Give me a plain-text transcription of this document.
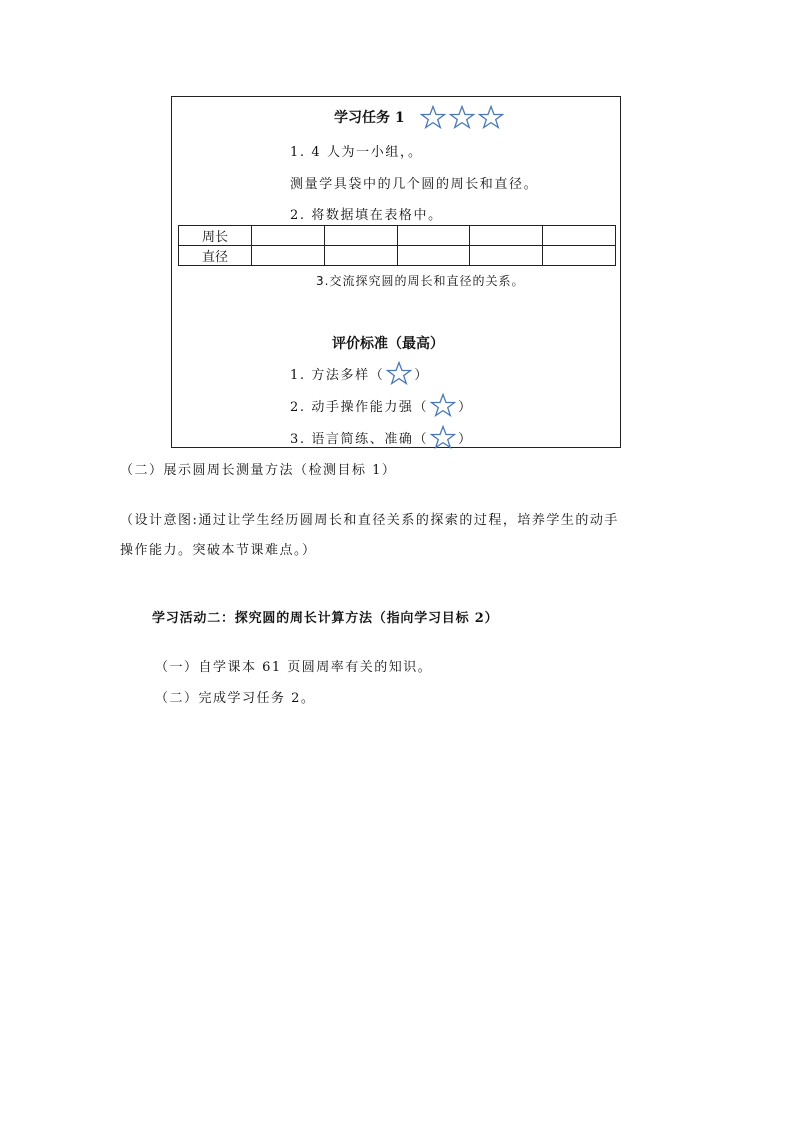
学习任务 1
1. 4 人为一小组，。
测量学具袋中的几个圆的周长和直径。
2. 将数据填在表格中。
周长					
直径					
3.交流探究圆的周长和直径的关系。
评价标准（最高）
1. 方法多样（ ）
2. 动手操作能力强（ ）
3. 语言简练、准确（ ）
（二）展示圆周长测量方法（检测目标 1）
（设计意图:通过让学生经历圆周长和直径关系的探索的过程，培养学生的动手
操作能力。突破本节课难点。）
学习活动二：探究圆的周长计算方法（指向学习目标 2）
（一）自学课本 61 页圆周率有关的知识。
（二）完成学习任务 2。
